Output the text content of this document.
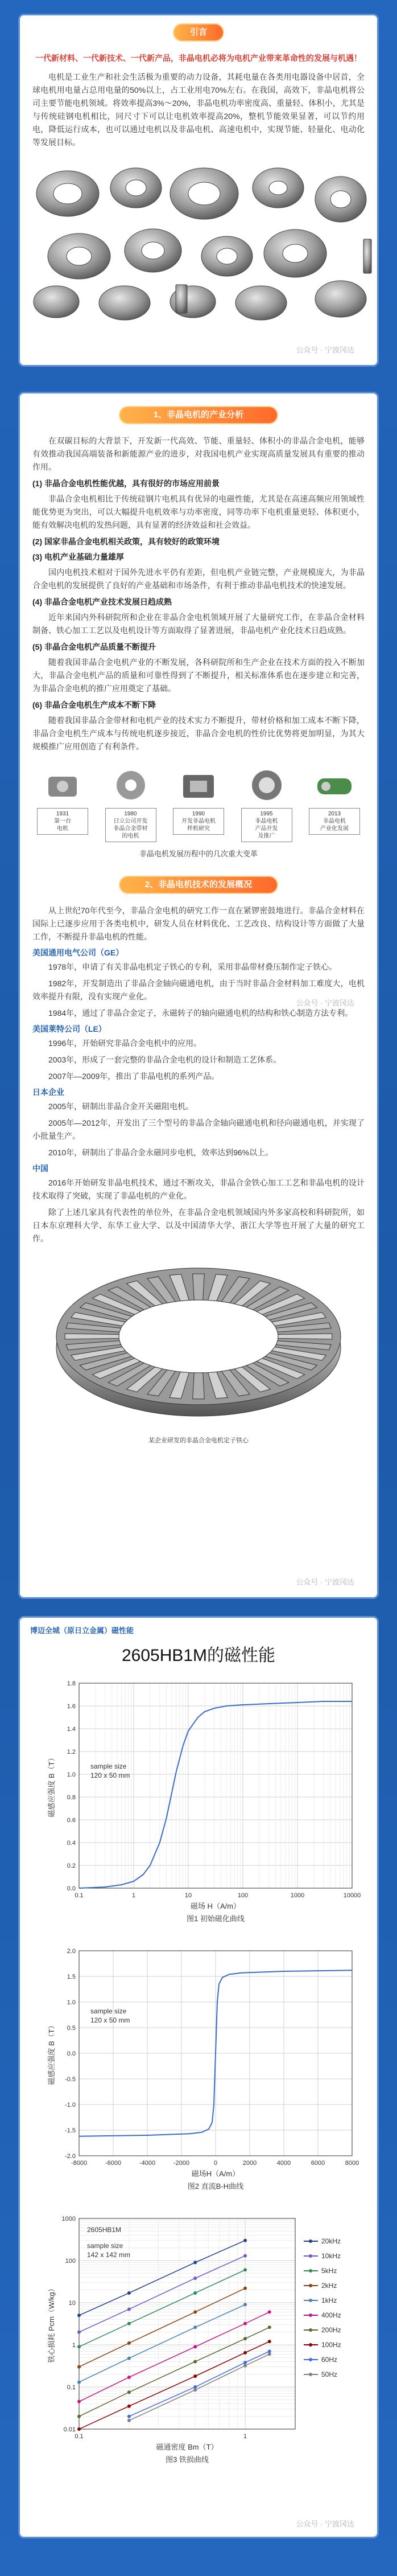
引言
一代新材料、一代新技术、一代新产品，非晶电机必将为电机产业带来革命性的发展与机遇！

电机是工业生产和社会生活极为重要的动力设备，其耗电量在各类用电器设备中居首，全球电机用电量占总用电量的50%以上，占工业用电70%左右。在我国，高效下，非晶电机将公司主要节能电机领域。将效率提高3%～20%，非晶电机功率密度高、重量轻、体积小，尤其是与传统硅钢电机相比，同尺寸下可以让电机效率提高20%，整机节能效果显著，可以节约用电，降低运行成本，也可以通过电机以及非晶电机、高速电机中，实现节能、轻量化、电动化等发展目标。

公众号 · 宁波冈达
1、非晶电机的产业分析

在双碳目标的大背景下，开发新一代高效、节能、重量轻、体积小的非晶合金电机，能够有效推动我国高端装备和新能源产业的进步，对我国电机产业实现高质量发展具有重要的推动作用。

(1) 非晶合金电机性能优越，具有很好的市场应用前景

非晶合金电机相比于传统硅钢片电机具有优异的电磁性能，尤其是在高速高频应用领域性能优势更为突出，可以大幅提升电机效率与功率密度，同等功率下电机重量更轻、体积更小，能有效解决电机的发热问题，具有显著的经济效益和社会效益。

(2) 国家非晶合金电机相关政策，具有较好的政策环境

(3) 电机产业基础力量雄厚

国内电机技术相对于国外先进水平仍有差距，但电机产业链完整，产业规模庞大，为非晶合金电机的发展提供了良好的产业基础和市场条件，有利于推动非晶电机技术的快速发展。

(4) 非晶合金电机产业技术发展日趋成熟

近年来国内外科研院所和企业在非晶合金电机领域开展了大量研究工作，在非晶合金材料制备、铁心加工工艺以及电机设计等方面取得了显著进展，非晶电机产业化技术日趋成熟。

(5) 非晶合金电机产品质量不断提升

随着我国非晶合金电机产业的不断发展，各科研院所和生产企业在技术方面的投入不断加大，非晶合金电机产品的质量和可靠性得到了不断提升，相关标准体系也在逐步建立和完善，为非晶合金电机的推广应用奠定了基础。

(6) 非晶合金电机生产成本不断下降

随着我国非晶合金带材和电机产业的技术实力不断提升，带材价格和加工成本不断下降，非晶合金电机生产成本与传统电机逐步接近，非晶合金电机的性价比优势将更加明显，为其大规模推广应用创造了有利条件。

1931
第一台
电机
1980
日立公司开发
非晶合金带材
的电机
1990
开发非晶电机
样机研究
1995
非晶电机
产品开发
及推广
2013
非晶电机
产业化发展
非晶电机发展历程中的几次重大变革
公众号 · 宁波冈达
2、非晶电机技术的发展概况

从上世纪70年代至今，非晶合金电机的研究工作一直在紧锣密鼓地进行。非晶合金材料在国际上已逐步应用于各类电机中，研发人员在材料优化、工艺改良、结构设计等方面做了大量工作，不断提升非晶电机的性能。

美国通用电气公司（GE）

1978年，申请了有关非晶电机定子铁心的专利，采用非晶带材叠压制作定子铁心。

1982年，开发制造出了非晶合金轴向磁通电机，由于当时非晶合金材料加工难度大，电机效率提升有限，没有实现产业化。

1984年，通过了非晶合金定子，永磁转子的轴向磁通电机的结构和铁心制造方法专利。

美国莱特公司（LE）

1996年，开始研究非晶合金电机中的应用。

2003年，形成了一套完整的非晶合金电机的设计和制造工艺体系。

2007年—2009年，推出了非晶电机的系列产品。

日本企业

2005年，研制出非晶合金开关磁阻电机。

2005年—2012年，开发出了三个型号的非晶合金轴向磁通电机和径向磁通电机，并实现了小批量生产。

2010年，研制出了非晶合金永磁同步电机，效率达到96%以上。

中国

2016年开始研发非晶电机技术，通过不断攻关，非晶合金铁心加工工艺和非晶电机的设计技术取得了突破，实现了非晶电机的产业化。

除了上述几家具有代表性的单位外，在非晶合金电机领域国内外多家高校和科研院所，如日本东京理科大学、东华工业大学、以及中国清华大学、浙江大学等也开展了大量的研究工作。

某企业研发的非晶合金电机定子铁心
公众号 · 宁波冈达
博迈全城（原日立金属）磁性能
2605HB1M的磁性能
0.1	1	10	100	1000	10000
0.0
0.2
0.4
0.6
0.8
1.0
1.2
1.4
1.6
1.8
磁场 H（A/m）
图1 初始磁化曲线
磁感应强度 B（T）	sample size
120 x 50 mm
-8000	-6000	-4000	-2000	0	2000	4000	6000	8000
-2.0
-1.5
-1.0
-0.5
0.0
0.5
1.0
1.5
2.0
磁场H（A/m）
图2 直流B-H曲线
磁感应强度 B（T）
sample size
120 x 50 mm
0.1	1
0.01
0.1
1
10
100
1000
磁通密度 Bm（T）
图3 铁损曲线
铁心损耗 Pcm（W/kg）
2605HB1M
sample size
142 x 142 mm
20kHz
10kHz
5kHz
2kHz
1kHz
400Hz
200Hz
100Hz
60Hz
50Hz
公众号 · 宁波冈达
